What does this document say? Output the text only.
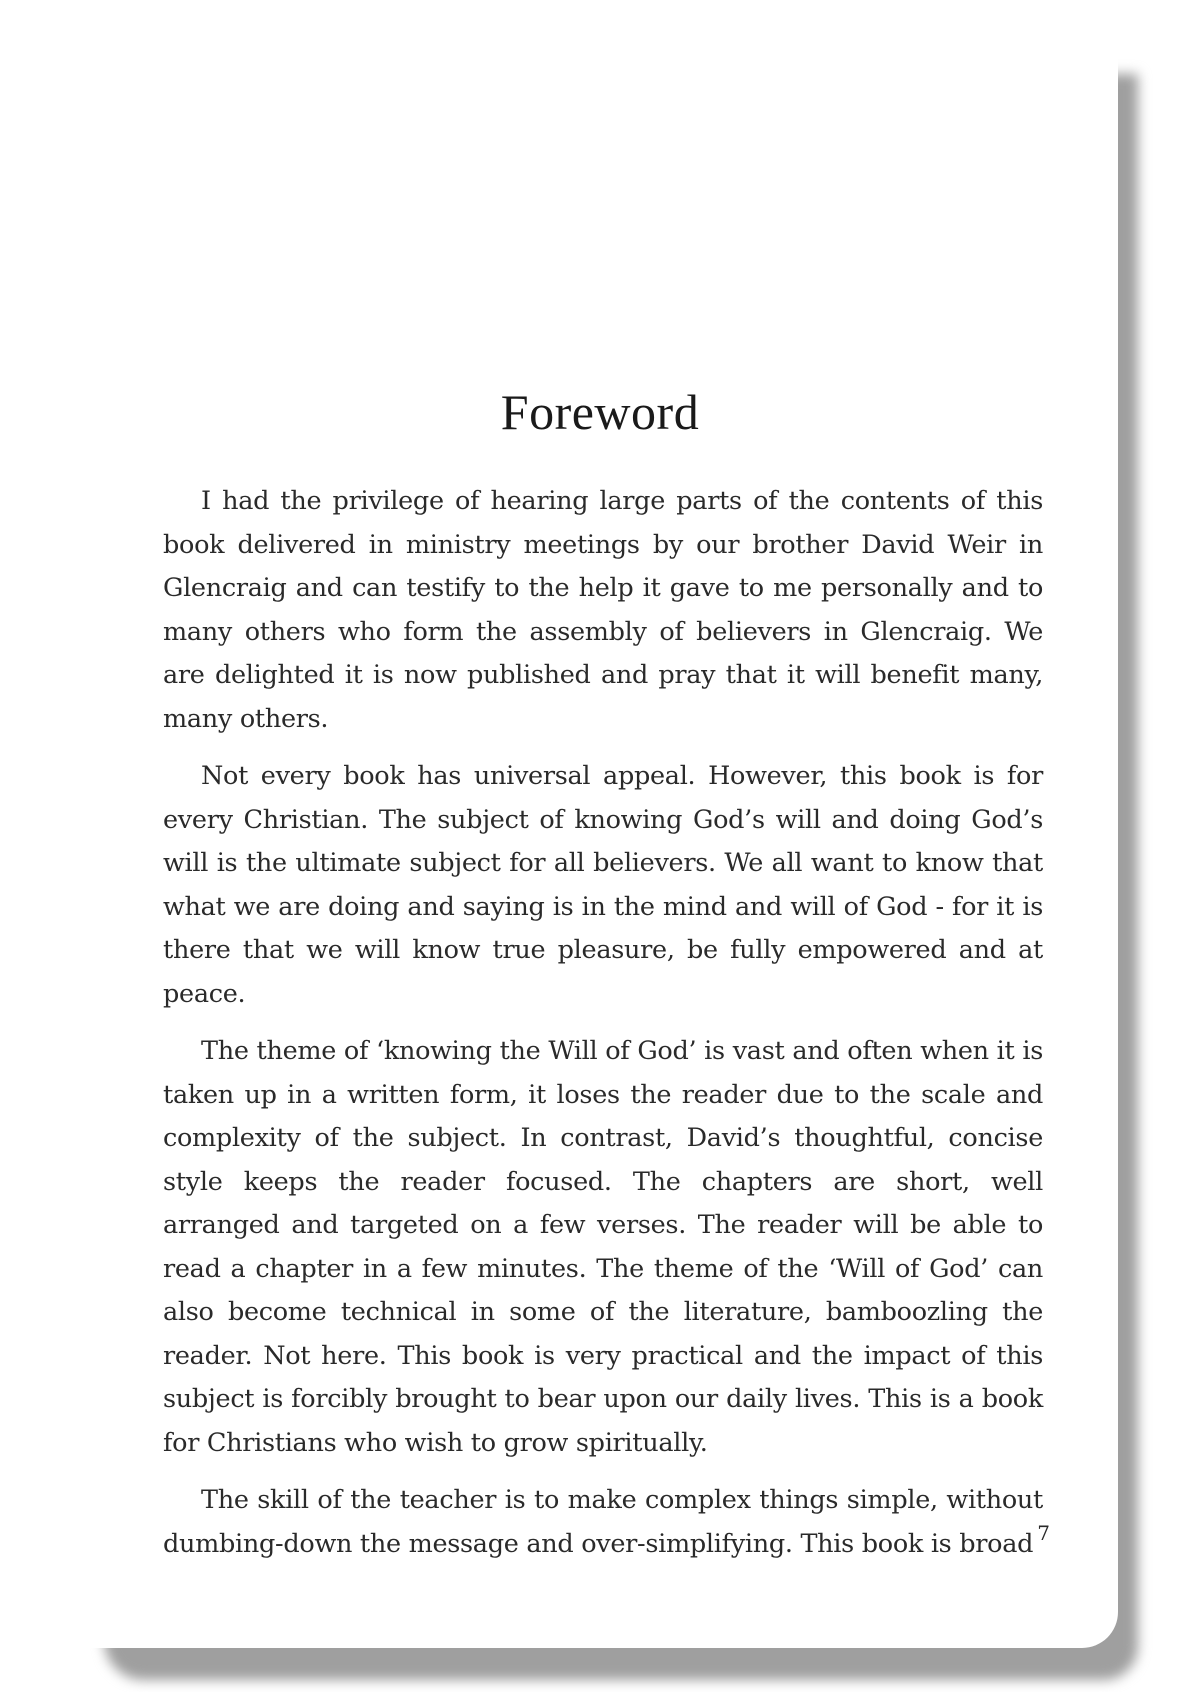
Foreword

I had the privilege of hearing large parts of the contents of this book delivered in ministry meetings by our brother David Weir in Glencraig and can testify to the help it gave to me personally and to many others who form the assembly of believers in Glencraig. We are delighted it is now published and pray that it will benefit many, many others.

Not every book has universal appeal. However, this book is for every Christian. The subject of knowing God’s will and doing God’s will is the ultimate subject for all believers. We all want to know that what we are doing and saying is in the mind and will of God - for it is there that we will know true pleasure, be fully empowered and at peace.

The theme of ‘knowing the Will of God’ is vast and often when it is taken up in a written form, it loses the reader due to the scale and complexity of the subject. In contrast, David’s thoughtful, concise style keeps the reader focused. The chapters are short, well arranged and targeted on a few verses. The reader will be able to read a chapter in a few minutes. The theme of the ‘Will of God’ can also become technical in some of the literature, bamboozling the reader. Not here. This book is very practical and the impact of this subject is forcibly brought to bear upon our daily lives. This is a book for Christians who wish to grow spiritually.

The skill of the teacher is to make complex things simple, without dumbing-down the message and over-simplifying. This book is broad 7
